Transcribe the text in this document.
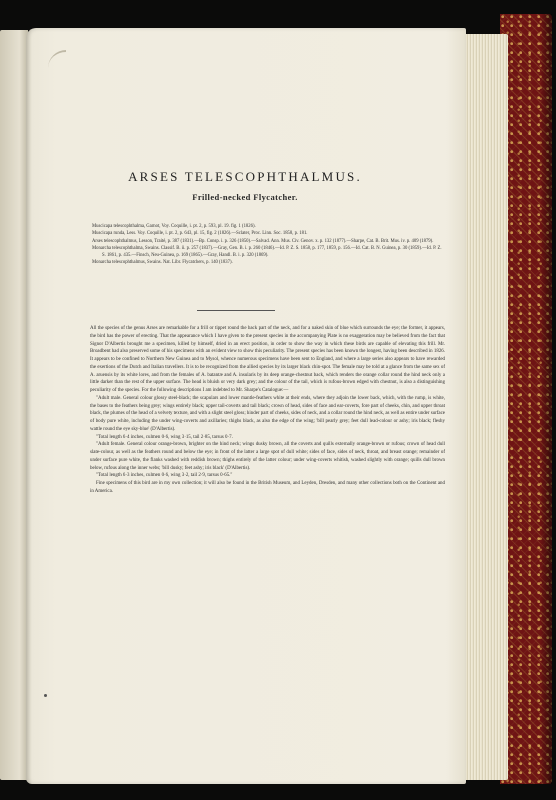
ARSES TELESCOPHTHALMUS.
Frilled-necked Flycatcher.

Muscicapa telescophthalma, Garnot, Voy. Coquille, i. pt. 2, p. 593, pl. 19. fig. 1 (1826).

Muscicapa runda, Less. Voy. Coquille, i. pt. 2, p. 643, pl. 15, fig. 2 (1826).—Sclater, Proc. Linn. Soc. 1858, p. 181.

Arses telescophthalmus, Lesson, Traité, p. 387 (1831).—Bp. Consp. i. p. 326 (1850).—Salvad. Ann. Mus. Civ. Genov. x. p. 132 (1877).—Sharpe, Cat. B. Brit. Mus. iv. p. 409 (1879).

Monarcha telescophthalma, Swains. Classif. B. ii. p. 257 (1837).—Gray, Gen. B. i. p. 260 (1846).—Id. P. Z. S. 1858, p. 177, 1859, p. 156.—Id. Cat. B. N. Guinea, p. 30 (1859).—Id. P. Z. S. 1861, p. 435.—Finsch, Neu-Guinea, p. 169 (1865).—Gray, Handl. B. i. p. 320 (1869).

Monarcha telescophthalmus, Swains. Nat. Libr. Flycatchers, p. 140 (1837).

All the species of the genus Arses are remarkable for a frill or tippet round the back part of the neck, and for a naked skin of blue which surrounds the eye; the former, it appears, the bird has the power of erecting. That the appearance which I have given to the present species in the accompanying Plate is no exaggeration may be believed from the fact that Signor D'Albertis brought me a specimen, killed by himself, dried in an erect position, in order to show the way in which these birds are capable of elevating this frill. Mr. Broadbent had also preserved some of his specimens with an evident view to show this peculiarity. The present species has been known the longest, having been described in 1826. It appears to be confined to Northern New Guinea and to Mysol, whence numerous specimens have been sent to England, and where a large series also appears to have rewarded the exertions of the Dutch and Italian travellers. It is to be recognized from the allied species by its larger black chin-spot. The female may be told at a glance from the same sex of A. aruensis by its white lores, and from the females of A. batantæ and A. insularis by its deep orange-chestnut back, which renders the orange collar round the hind neck only a little darker than the rest of the upper surface. The head is bluish or very dark grey; and the colour of the tail, which is rufous-brown edged with chestnut, is also a distinguishing peculiarity of the species. For the following descriptions I am indebted to Mr. Sharpe's Catalogue:—

"Adult male. General colour glossy steel-black; the scapulars and lower mantle-feathers white at their ends, where they adjoin the lower back, which, with the rump, is white, the bases to the feathers being grey; wings entirely black; upper tail-coverts and tail black; crown of head, sides of face and ear-coverts, fore part of cheeks, chin, and upper throat black, the plumes of the head of a velvety texture, and with a slight steel gloss; hinder part of cheeks, sides of neck, and a collar round the hind neck, as well as entire under surface of body pure white, including the under wing-coverts and axillaries; thighs black, as also the edge of the wing; 'bill pearly grey; feet dull lead-colour or ashy; iris black; fleshy wattle round the eye sky-blue' (D'Albertis).

"Total length 6·4 inches, culmen 0·6, wing 3·15, tail 2·85, tarsus 0·7.

"Adult female. General colour orange-brown, brighter on the hind neck; wings dusky brown, all the coverts and quills externally orange-brown or rufous; crown of head dull slate-colour, as well as the feathers round and below the eye; in front of the latter a large spot of dull white; sides of face, sides of neck, throat, and breast orange; remainder of under surface pure white, the flanks washed with reddish brown; thighs entirely of the latter colour; under wing-coverts whitish, washed slightly with orange; quills dull brown below, rufous along the inner webs; 'bill dusky; feet ashy; iris black' (D'Albertis).

"Total length 6·3 inches, culmen 0·6, wing 3·2, tail 2·9, tarsus 0·65."

Fine specimens of this bird are in my own collection; it will also be found in the British Museum, and Leyden, Dresden, and many other collections both on the Continent and in America.
